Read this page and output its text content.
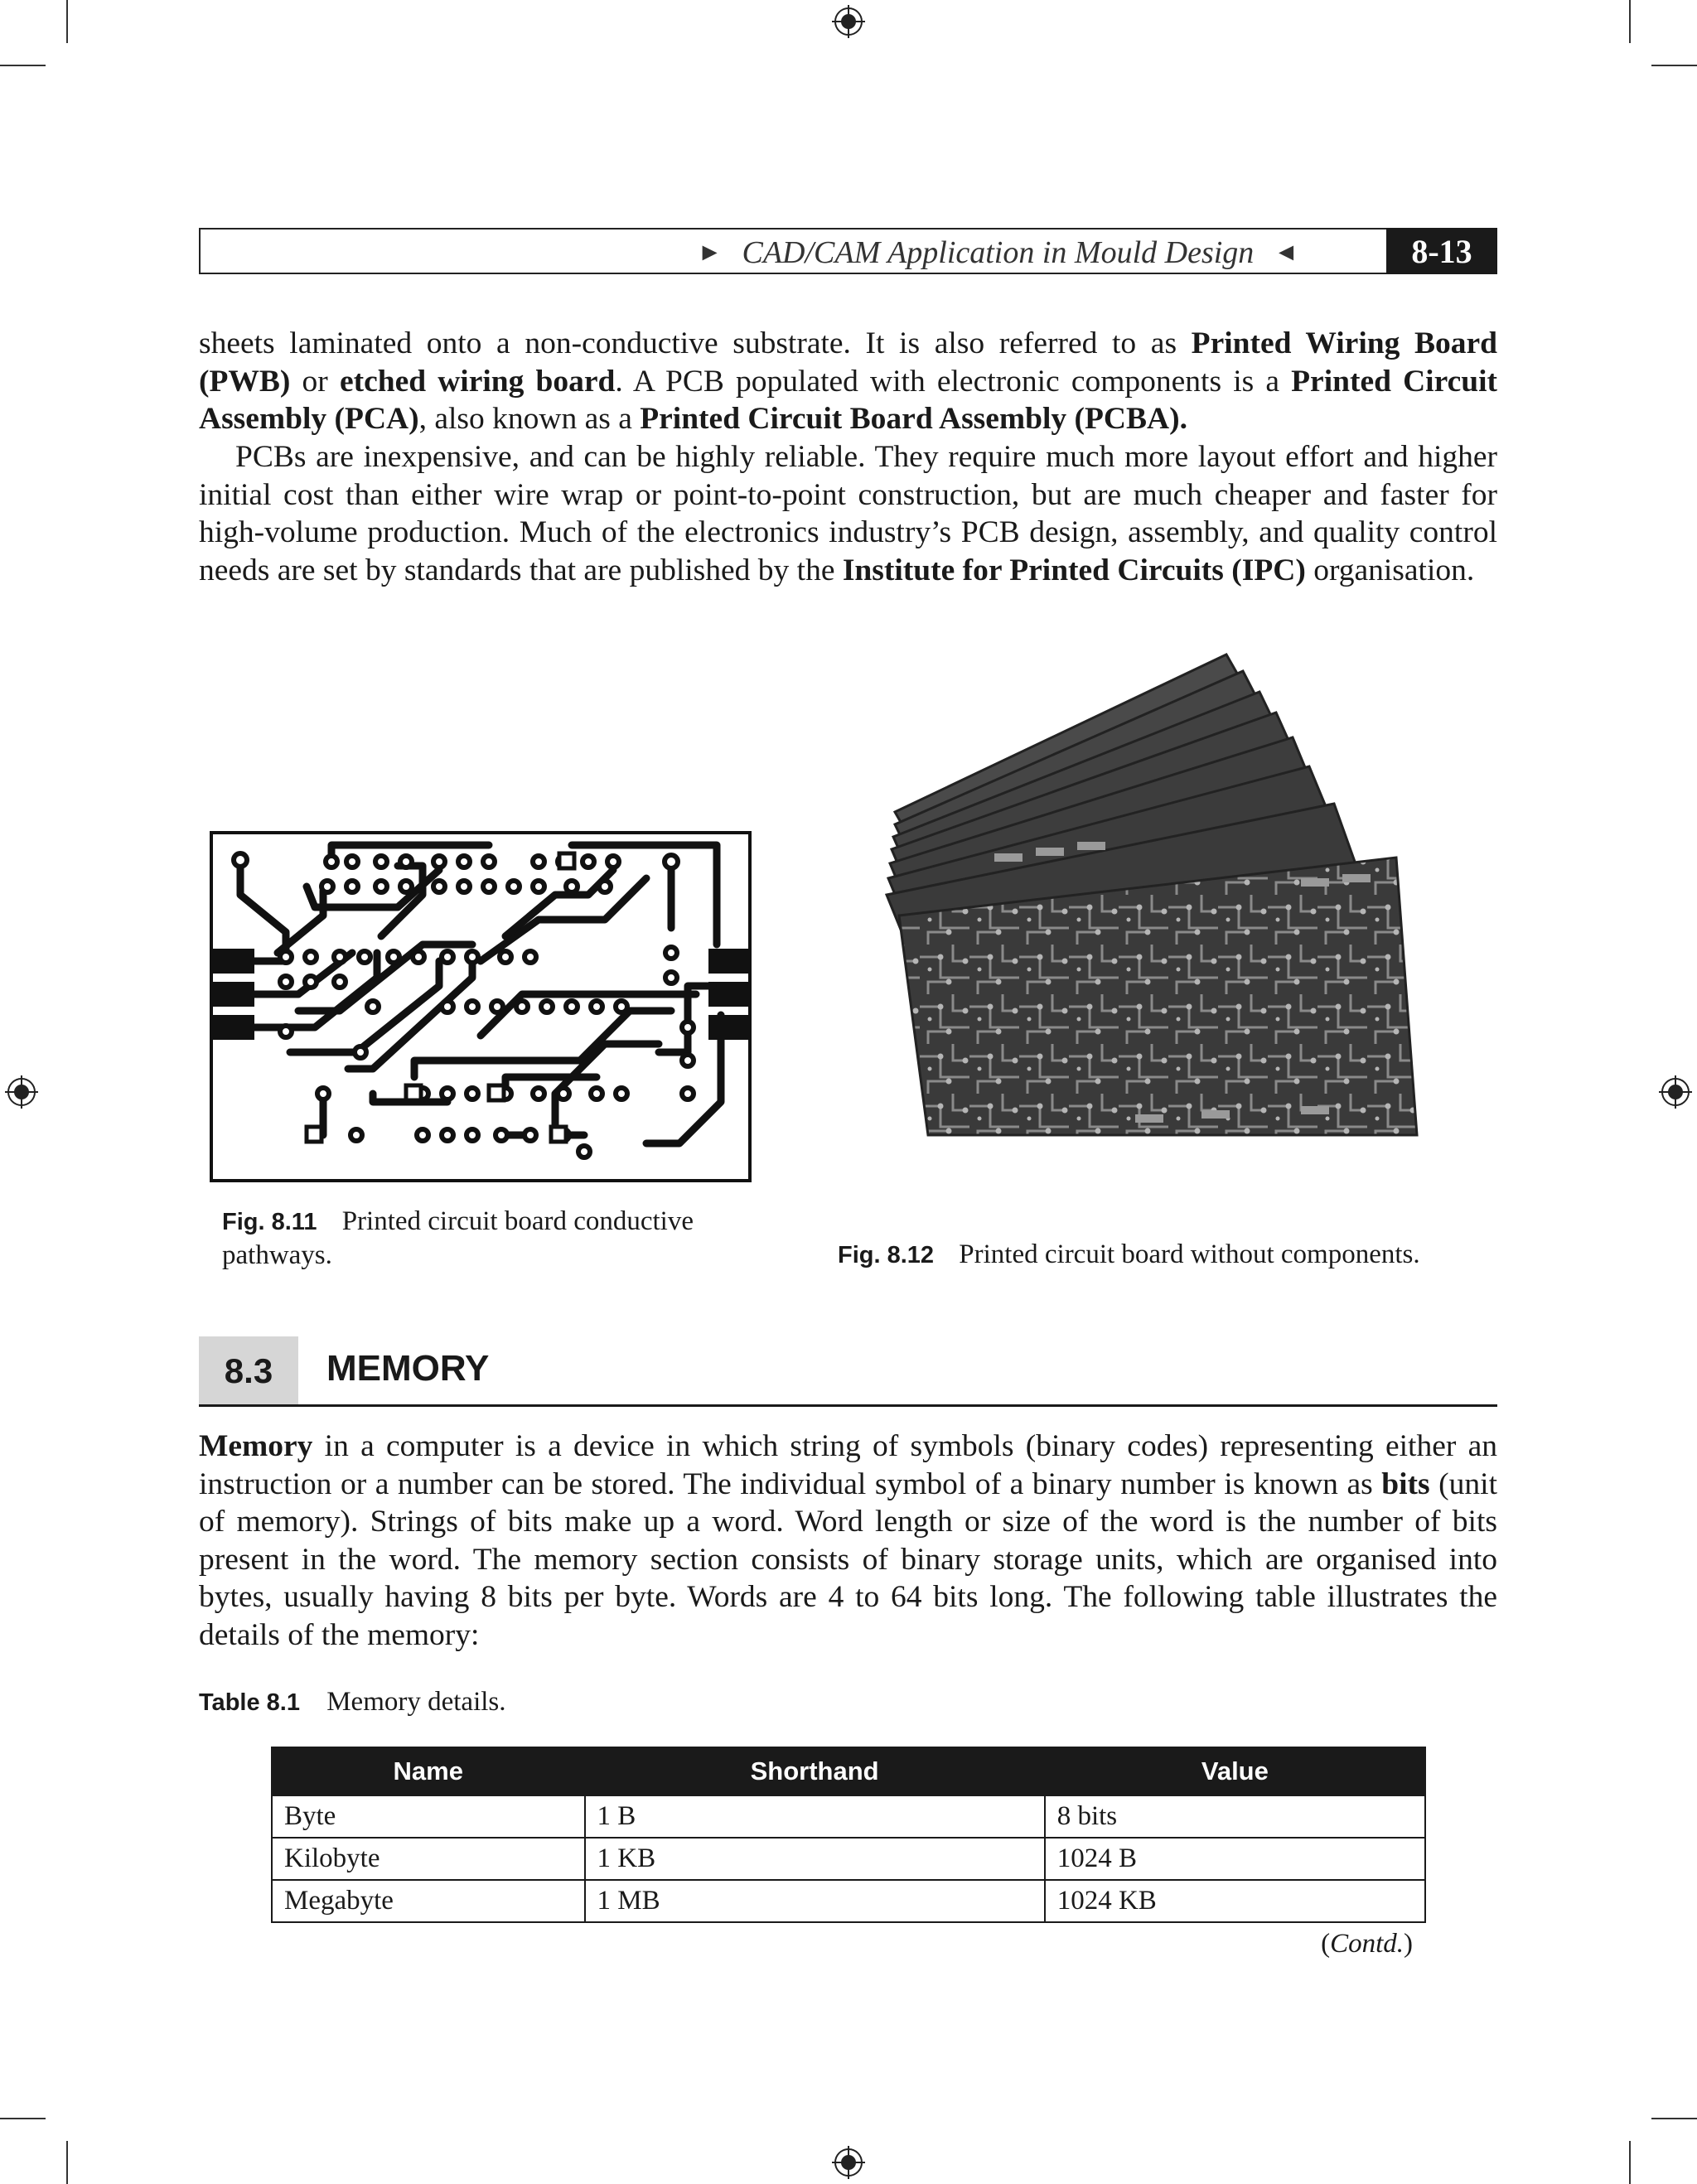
► CAD/CAM Application in Mould Design ◄	8-13

sheets laminated onto a non-conductive substrate. It is also referred to as Printed Wiring Board (PWB) or etched wiring board. A PCB populated with electronic components is a Printed Circuit Assembly (PCA), also known as a Printed Circuit Board Assembly (PCBA).

PCBs are inexpensive, and can be highly reliable. They require much more layout effort and higher initial cost than either wire wrap or point-to-point construction, but are much cheaper and faster for high-volume production. Much of the electronics industry’s PCB design, assembly, and quality control needs are set by standards that are published by the Institute for Printed Circuits (IPC) organisation.

Fig. 8.11 Printed circuit board conductive pathways.	Fig. 8.12 Printed circuit board without components.
8.3	MEMORY

Memory in a computer is a device in which string of symbols (binary codes) representing either an instruction or a number can be stored. The individual symbol of a binary number is known as bits (unit of memory). Strings of bits make up a word. Word length or size of the word is the number of bits present in the word. The memory section consists of binary storage units, which are organised into bytes, usually having 8 bits per byte. Words are 4 to 64 bits long. The following table illustrates the details of the memory:

Table 8.1 Memory details.
Name	Shorthand	Value
Byte	1 B	8 bits
Kilobyte	1 KB	1024 B
Megabyte	1 MB	1024 KB
(Contd.)
